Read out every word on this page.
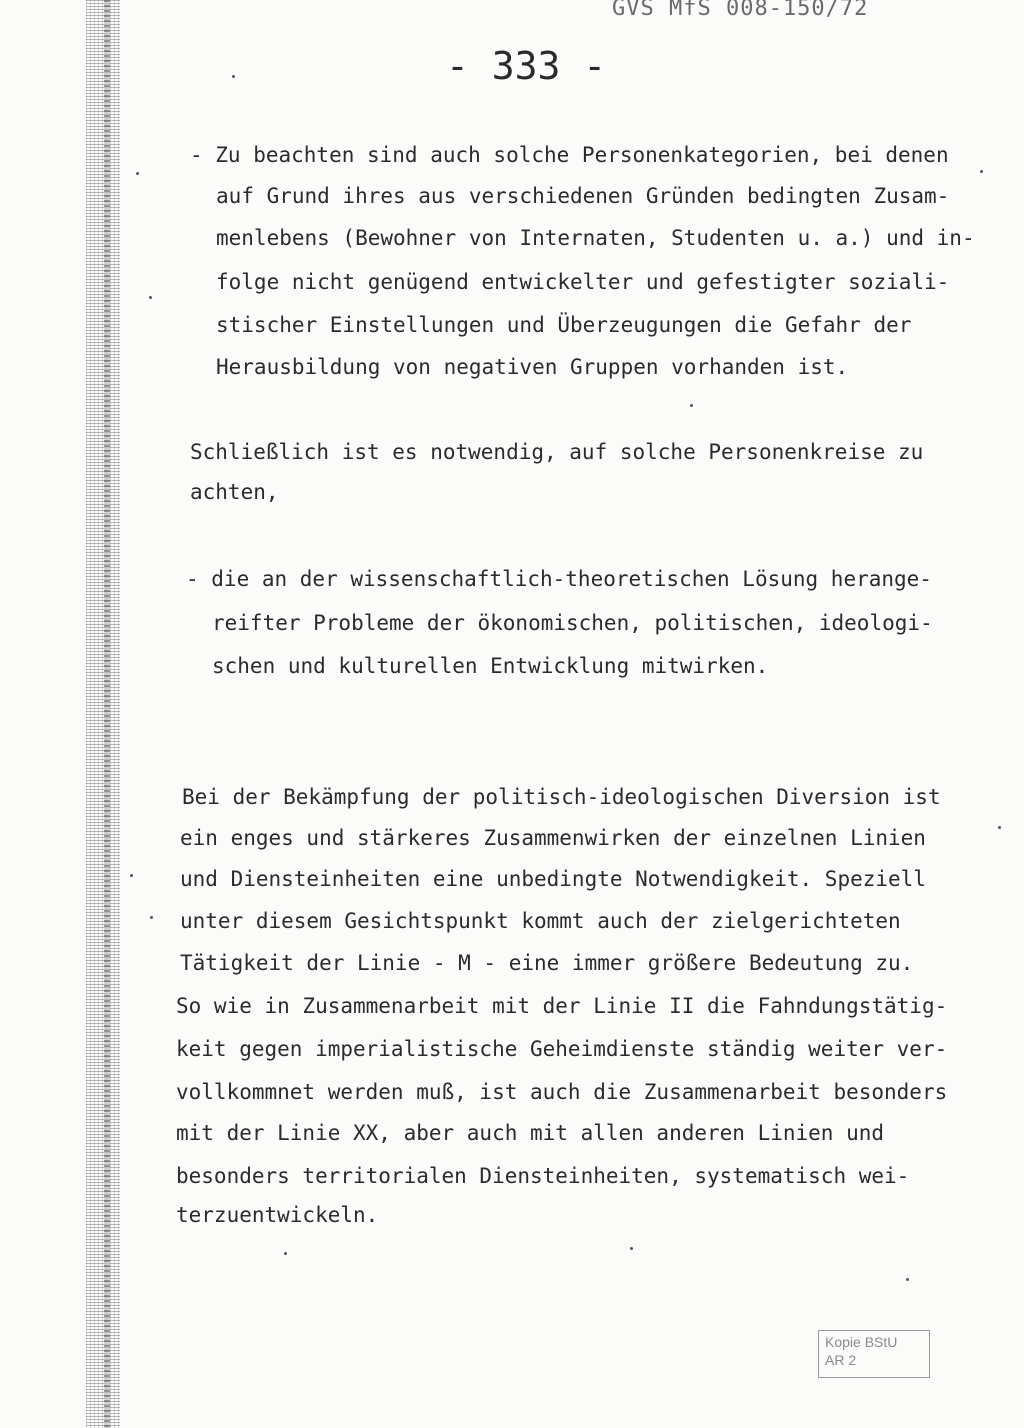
GVS MfS 008-150/72
- 333 -
- Zu beachten sind auch solche Personenkategorien, bei denen
auf Grund ihres aus verschiedenen Gründen bedingten Zusam-
menlebens (Bewohner von Internaten, Studenten u. a.) und in-
folge nicht genügend entwickelter und gefestigter soziali-
stischer Einstellungen und Überzeugungen die Gefahr der
Herausbildung von negativen Gruppen vorhanden ist.
Schließlich ist es notwendig, auf solche Personenkreise zu
achten,
- die an der wissenschaftlich-theoretischen Lösung herange-
reifter Probleme der ökonomischen, politischen, ideologi-
schen und kulturellen Entwicklung mitwirken.
Bei der Bekämpfung der politisch-ideologischen Diversion ist
ein enges und stärkeres Zusammenwirken der einzelnen Linien
und Diensteinheiten eine unbedingte Notwendigkeit. Speziell
unter diesem Gesichtspunkt kommt auch der zielgerichteten
Tätigkeit der Linie - M - eine immer größere Bedeutung zu.
So wie in Zusammenarbeit mit der Linie II die Fahndungstätig-
keit gegen imperialistische Geheimdienste ständig weiter ver-
vollkommnet werden muß, ist auch die Zusammenarbeit besonders
mit der Linie XX, aber auch mit allen anderen Linien und
besonders territorialen Diensteinheiten, systematisch wei-
terzuentwickeln.
Kopie BStU
AR 2
